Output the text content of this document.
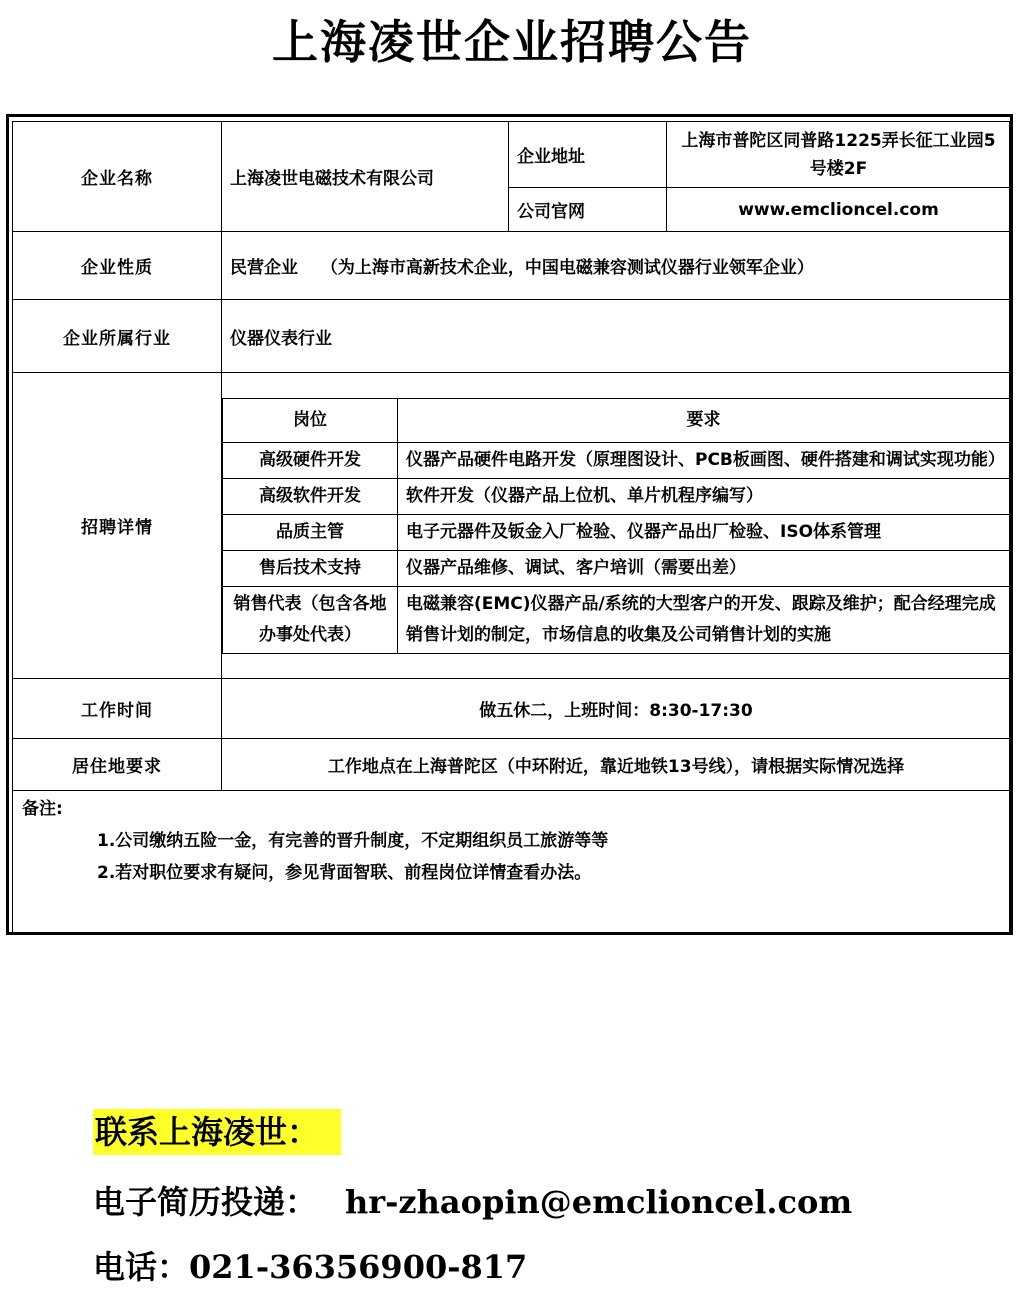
上海凌世企业招聘公告
企业名称	上海凌世电磁技术有限公司	企业地址	上海市普陀区同普路1225弄长征工业园5号楼2F
公司官网	www.emclioncel.com
企业性质	民营企业　 （为上海市高新技术企业，中国电磁兼容测试仪器行业领军企业）
企业所属行业	仪器仪表行业
招聘详情	
岗位	要求
高级硬件开发	仪器产品硬件电路开发（原理图设计、PCB板画图、硬件搭建和调试实现功能）
高级软件开发	软件开发（仪器产品上位机、单片机程序编写）
品质主管	电子元器件及钣金入厂检验、仪器产品出厂检验、ISO体系管理
售后技术支持	仪器产品维修、调试、客户培训（需要出差）
销售代表（包含各地办事处代表）	电磁兼容(EMC)仪器产品/系统的大型客户的开发、跟踪及维护；配合经理完成销售计划的制定，市场信息的收集及公司销售计划的实施

工作时间	做五休二，上班时间：8:30-17:30
居住地要求	工作地点在上海普陀区（中环附近，靠近地铁13号线），请根据实际情况选择
备注:
1.公司缴纳五险一金，有完善的晋升制度，不定期组织员工旅游等等
2.若对职位要求有疑问，参见背面智联、前程岗位详情查看办法。
联系上海凌世：
电子简历投递： hr-zhaopin@emclioncel.com
电话：021-36356900-817
